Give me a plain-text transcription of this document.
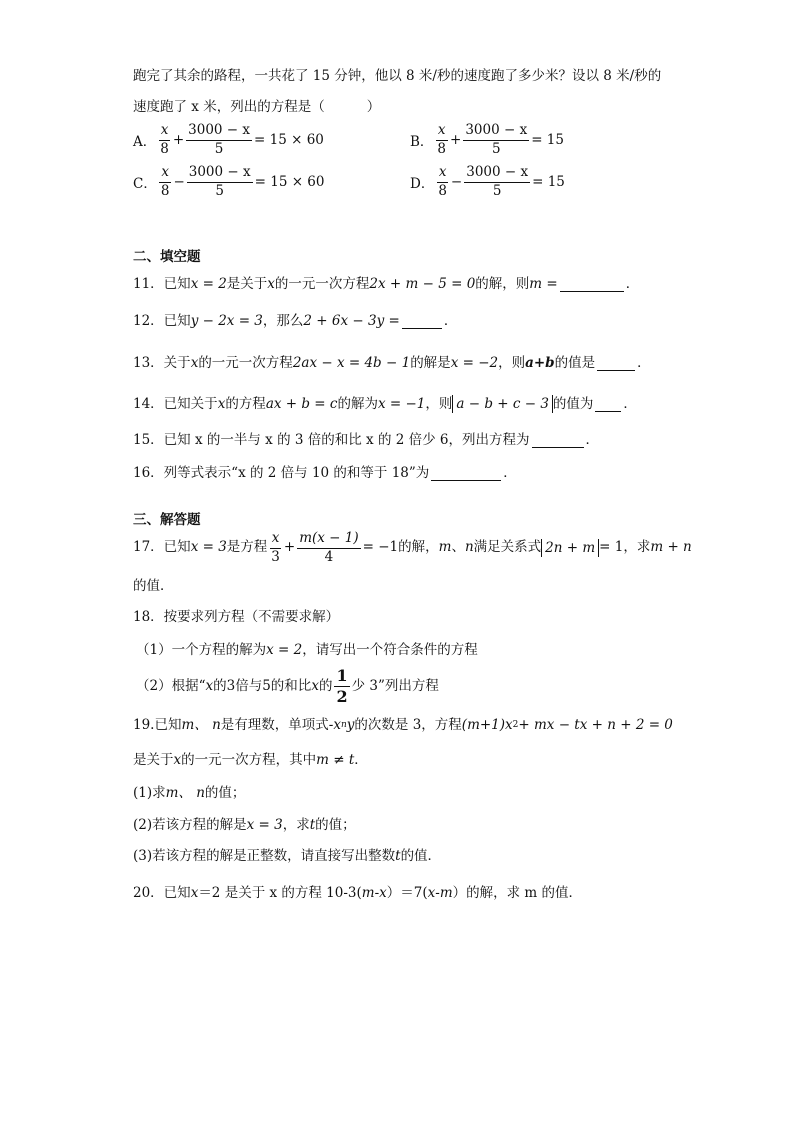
跑完了其余的路程，一共花了 15 分钟，他以 8 米/秒的速度跑了多少米？设以 8 米/秒的
速度跑了 x 米，列出的方程是（	）
A． $\frac{x}{8} + \frac{3000 - x}{5} = 15 \times 60$	B． $\frac{x}{8} + \frac{3000 - x}{5} = 15$
C． $\frac{x}{8} - \frac{3000 - x}{5} = 15 \times 60$	D． $\frac{x}{8} - \frac{3000 - x}{5} = 15$
二、填空题
11．已知 x = 2 是关于 x 的一元一次方程 2x + m − 5 = 0 的解，则 m =	．
12．已知 y − 2x = 3 ，那么 2 + 6x − 3y =	．
13．关于 x 的一元一次方程 2ax − x = 4b − 1 的解是 x = −2 ，则 a+b 的值是	．
14．已知关于 x 的方程 ax + b = c 的解为 x = −1 ，则 a − b + c − 3 的值为 ．
15．已知 x 的一半与 x 的 3 倍的和比 x 的 2 倍少 6，列出方程为	．
16．列等式表示“x 的 2 倍与 10 的和等于 18”为	．
三、解答题
17．已知 x = 3 是方程 $\frac{x}{3} + \frac{m(x - 1)}{4} = -1$ 的解， m 、 n 满足关系式 2n + m = 1 ，求 m + n
的值．
18．按要求列方程（不需要求解）
（1）一个方程的解为 x = 2 ，请写出一个符合条件的方程
（2）根据“ x 的3倍与5的和比 x 的 $\frac{1}{2}$ 少 3”列出方程
19.已知 m、 n 是有理数，单项式 -x n y 的次数是 3，方程 (m+1)x 2 + mx − tx + n + 2 = 0
是关于 x 的一元一次方程，其中 m ≠ t ．
(1)求 m、 n 的值；
(2)若该方程的解是 x = 3 ，求 t 的值；
(3)若该方程的解是正整数，请直接写出整数 t 的值．
20．已知 x ＝2 是关于 x 的方程 10-3( m - x ）＝7( x - m ）的解，求 m 的值．
